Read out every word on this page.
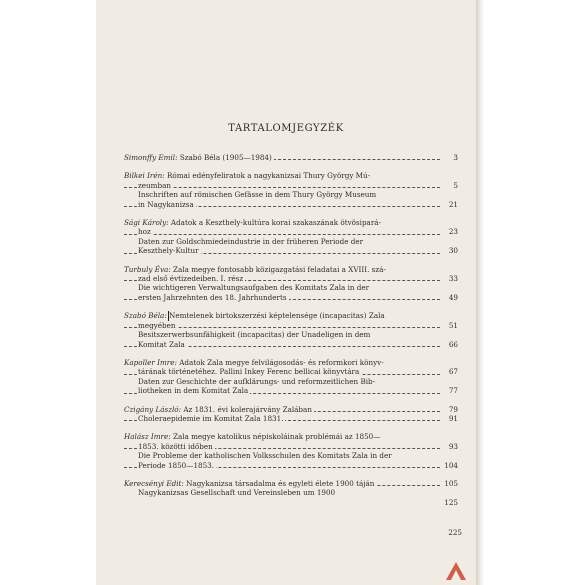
TARTALOMJEGYZÉK
Simonffy Emil: Szabó Béla (1905—1984)	3
Bilkei Irén: Római edényfeliratok a nagykanizsai Thury György Mú-
zeumban	5
Inschriften auf römischen Gefässe in dem Thury György Museum
in Nagykanizsa	21
Sági Károly: Adatok a Keszthely-kultúra korai szakaszának ötvösipará-
hoz	23
Daten zur Goldschmiedeindustrie in der früheren Periode der
Keszthely-Kultur	30
Turbuly Éva: Zala megye fontosabb közigazgatási feladatai a XVIII. szá-
zad első évtizedeiben. I. rész	33
Die wichtigeren Verwaltungsaufgaben des Komitats Zala in der
ersten Jahrzehnten des 18. Jahrhunderts	49
Szabó Béla: Nemtelenek birtokszerzési képtelensége (incapacitas) Zala
megyében	51
Besitszerwerbsunfähigkeit (incapacitas) der Unadeligen in dem
Komitat Zala	66
Kapoller Imre: Adatok Zala megye felvilágosodás- és reformkori könyv-
tárának történetéhez. Pallini Inkey Ferenc bellicai könyvtára	67
Daten zur Geschichte der aufklärungs- und reformzeitlichen Bib-
liotheken in dem Komitat Zala	77
Czigány László: Az 1831. évi kolerajárvány Zalában	79
Choleraepidemie im Komitat Zala 1831.	91
Halász Imre: Zala megye katolikus népiskoláinak problémái az 1850—
1853. közötti időben	93
Die Probleme der katholischen Volksschulen des Komitats Zala in der
Periode 1850—1853.	104
Kerecsényi Edit: Nagykanizsa társadalma és egyleti élete 1900 táján	105
Nagykanizsas Gesellschaft und Vereinsleben um 1900
125
225
